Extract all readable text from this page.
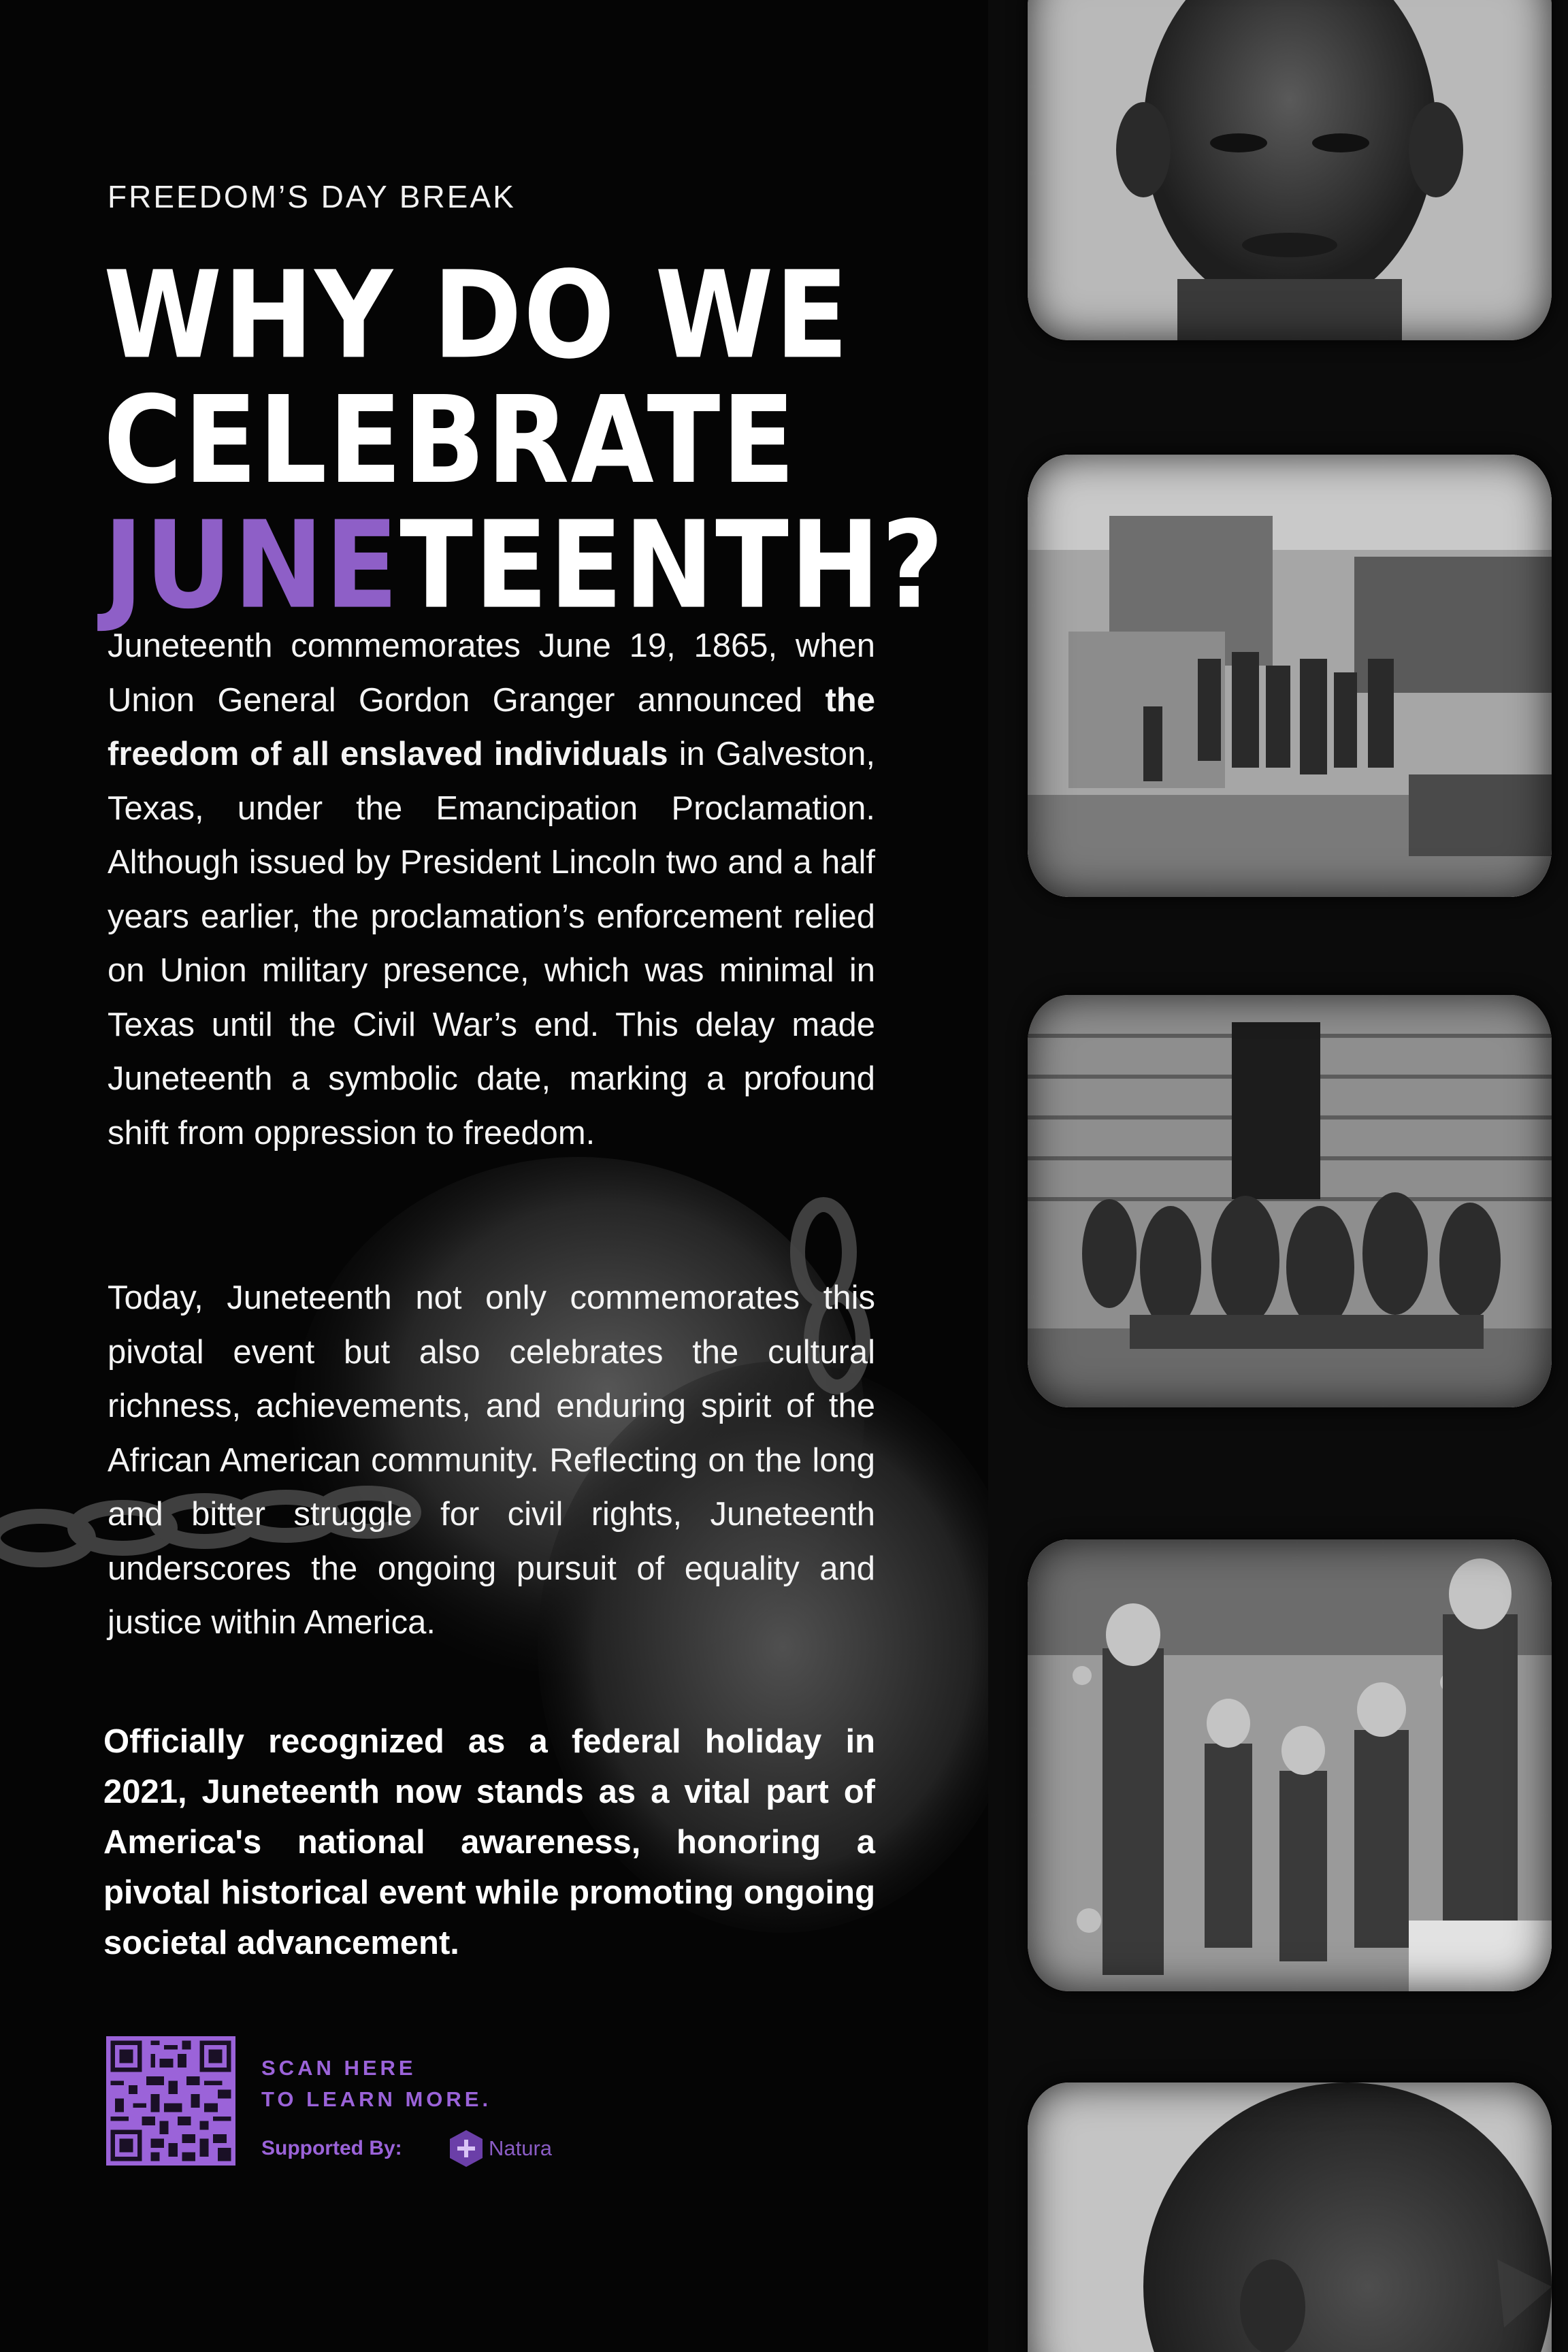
FREEDOM’S DAY BREAK
WHY DO WE
CELEBRATE
JUNETEENTH?

Juneteenth commemorates June 19, 1865, when Union General Gordon Granger announced the freedom of all enslaved individuals in Galveston, Texas, under the Emancipation Proclamation. Although issued by President Lincoln two and a half years earlier, the proclamation’s enforcement relied on Union military presence, which was minimal in Texas until the Civil War’s end. This delay made Juneteenth a symbolic date, marking a profound shift from oppression to freedom.

Today, Juneteenth not only commemorates this pivotal event but also celebrates the cultural richness, achievements, and enduring spirit of the African American community. Reflecting on the long and bitter struggle for civil rights, Juneteenth underscores the ongoing pursuit of equality and justice within America.

Officially recognized as a federal holiday in 2021, Juneteenth now stands as a vital part of America's national awareness, honoring a pivotal historical event while promoting ongoing societal advancement.

SCAN HERE
TO LEARN MORE.
Supported By:	Natura
